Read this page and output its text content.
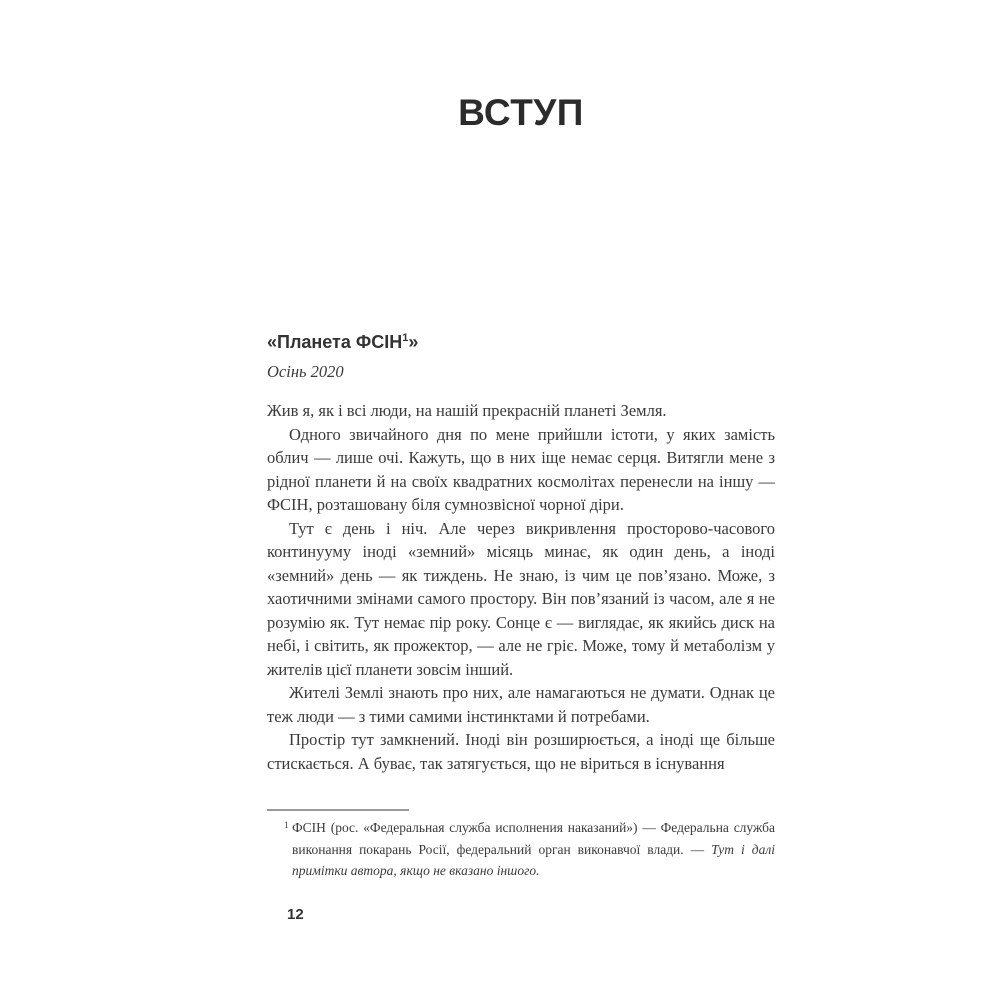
ВСТУП
«Планета ФСІН$^1$»
Осінь 2020

Жив я, як і всі люди, на нашій прекрасній планеті Земля.

Одного звичайного дня по мене прийшли істоти, у яких замість облич — лише очі. Кажуть, що в них іще немає серця. Витягли мене з рідної планети й на своїх квадратних космолітах перенесли на іншу — ФСІН, розташовану біля сумнозвісної чорної діри.

Тут є день і ніч. Але через викривлення просторово-часового континууму іноді «земний» місяць минає, як один день, а іноді «земний» день — як тиждень. Не знаю, із чим це пов’язано. Може, з хаотичними змінами самого простору. Він пов’язаний із часом, але я не розумію як. Тут немає пір року. Сонце є — виглядає, як якийсь диск на небі, і світить, як прожектор, — але не гріє. Може, тому й метаболізм у жителів цієї планети зовсім інший.

Жителі Землі знають про них, але намагаються не думати. Однак це теж люди — з тими самими інстинктами й потребами.

Простір тут замкнений. Іноді він розширюється, а іноді ще більше стискається. А буває, так затягується, що не віриться в існування

1 ФСІН (рос. «Федеральная служба исполнения наказаний») — Федеральна служба виконання покарань Росії, федеральний орган виконавчої влади. — Тут і далі примітки автора, якщо не вказано іншого.
12
